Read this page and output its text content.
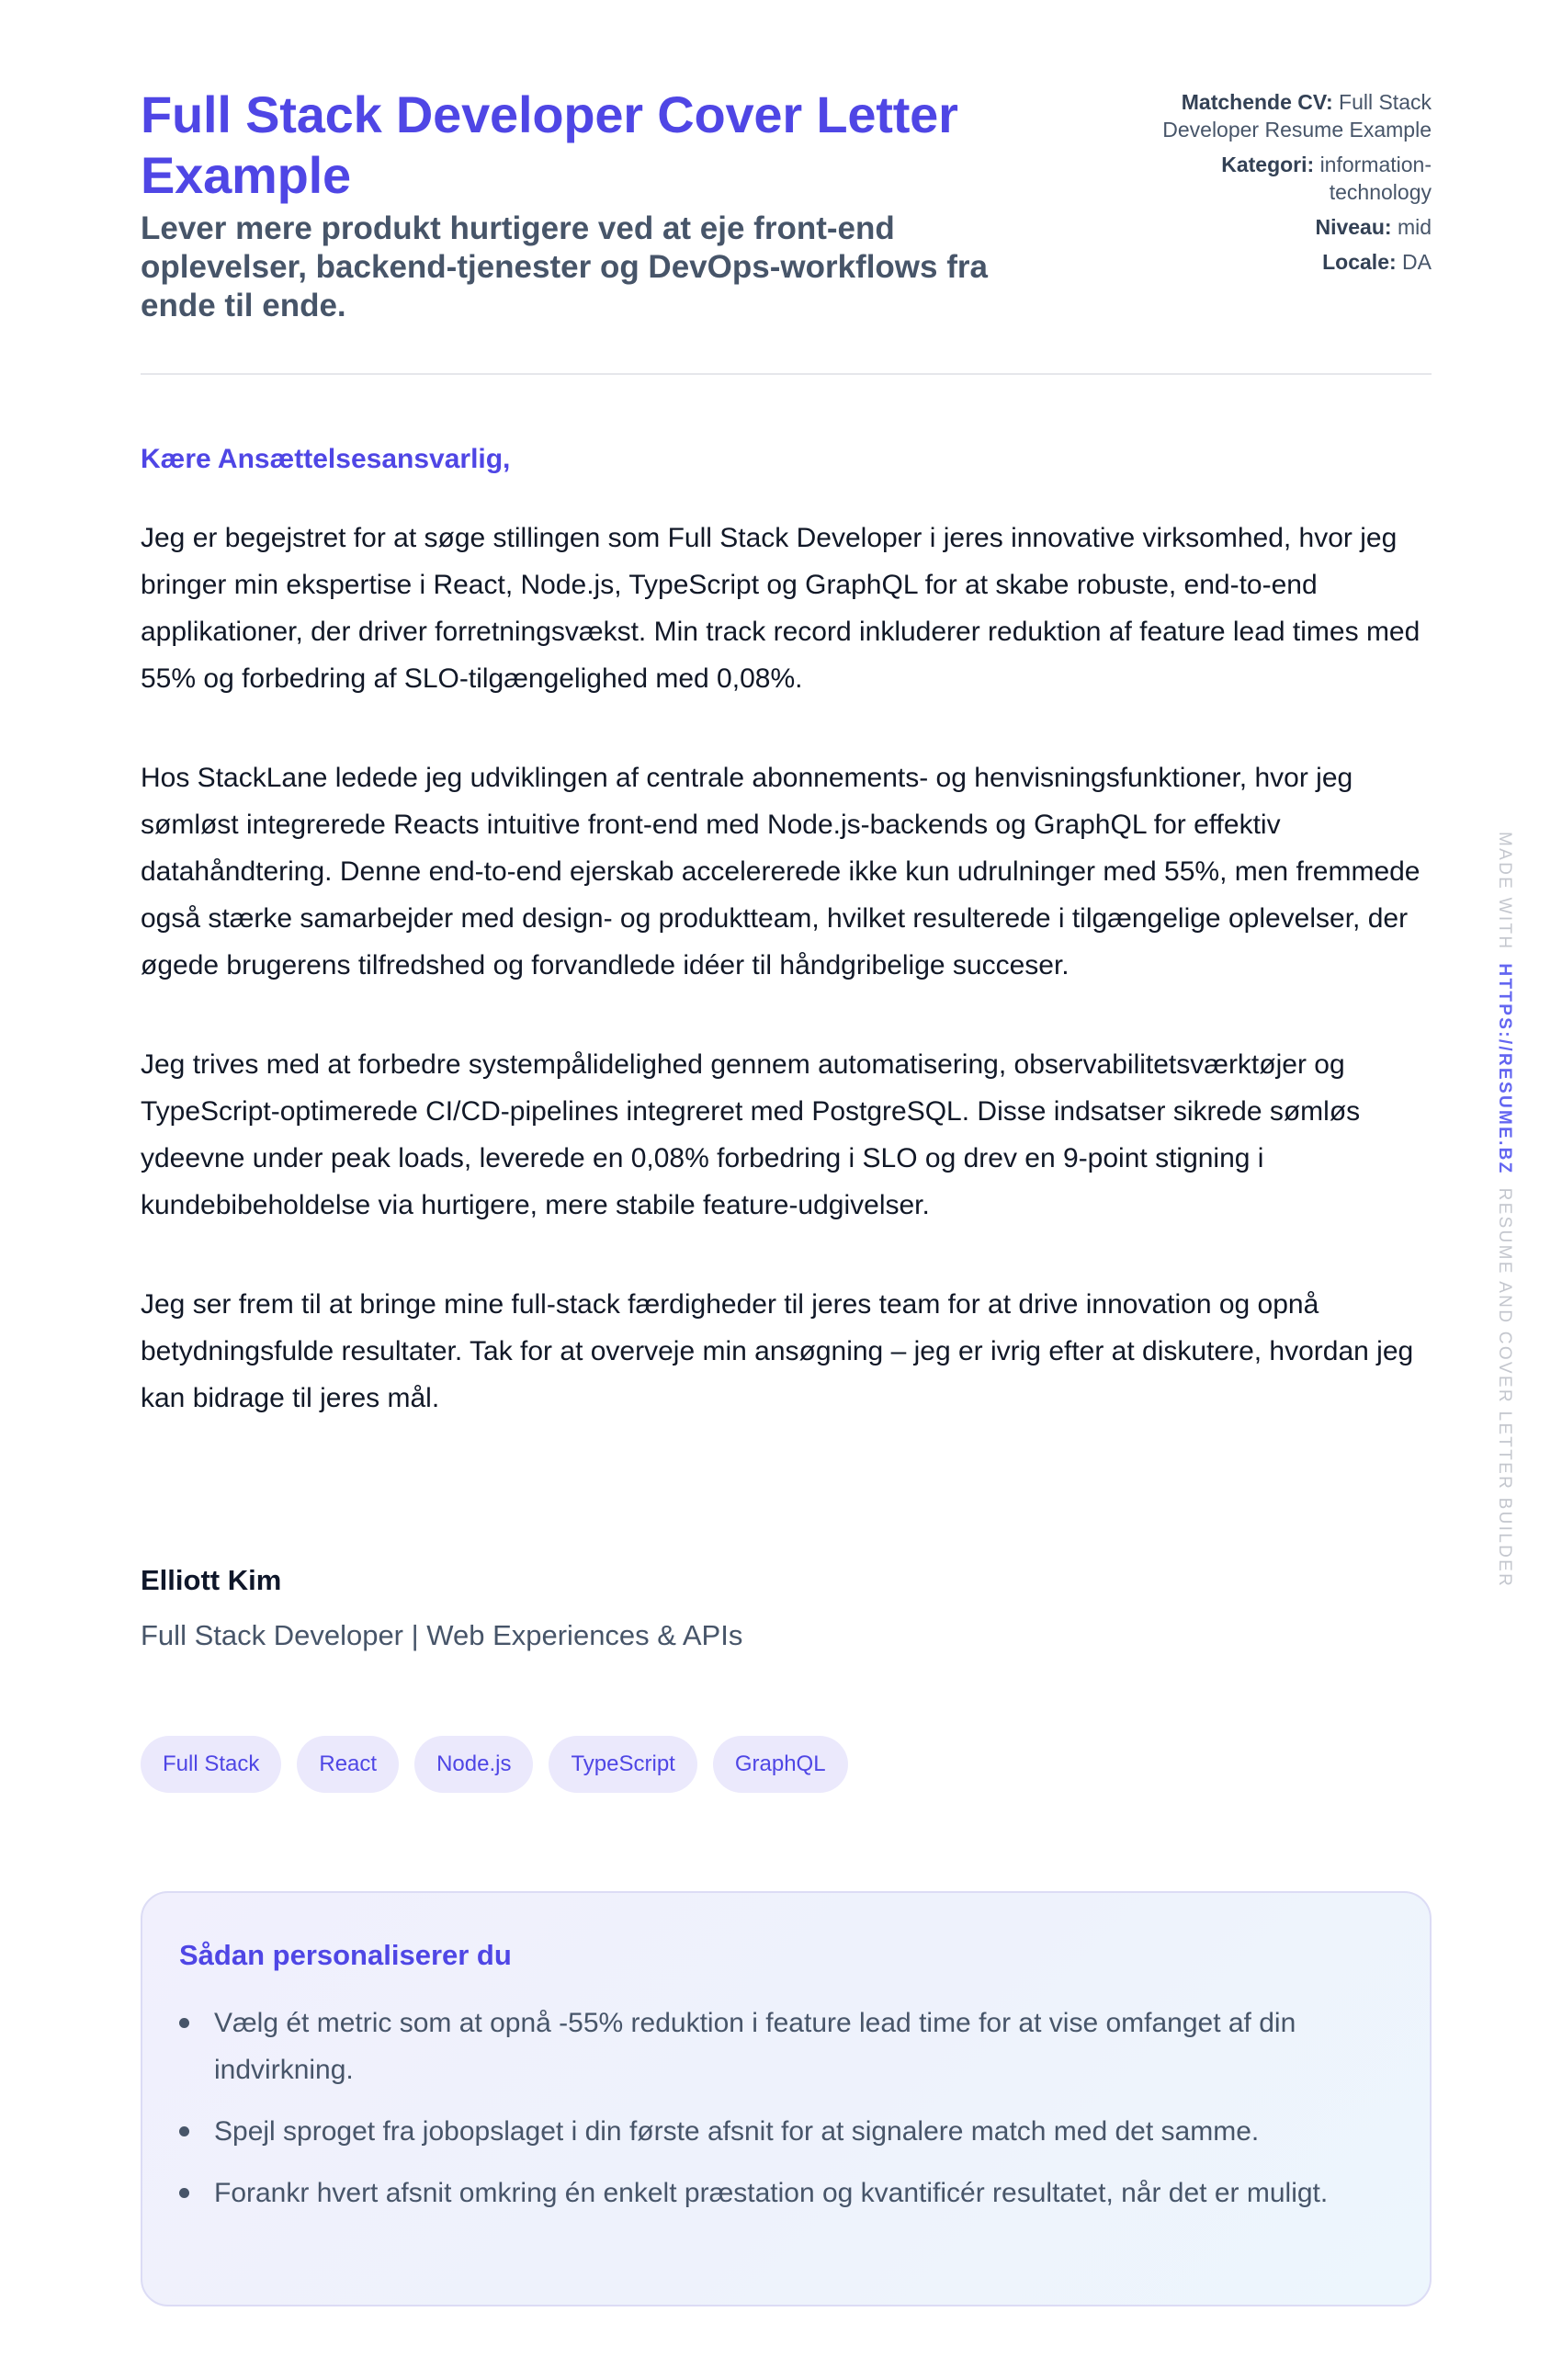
Full Stack Developer Cover Letter Example

Lever mere produkt hurtigere ved at eje front-end oplevelser, backend-tjenester og DevOps-workflows fra ende til ende.

Matchende CV: Full Stack Developer Resume Example
Kategori: information-technology
Niveau: mid
Locale: DA
Kære Ansættelsesansvarlig,

Jeg er begejstret for at søge stillingen som Full Stack Developer i jeres innovative virksomhed, hvor jeg bringer min ekspertise i React, Node.js, TypeScript og GraphQL for at skabe robuste, end-to-end applikationer, der driver forretningsvækst. Min track record inkluderer reduktion af feature lead times med 55% og forbedring af SLO-tilgængelighed med 0,08%.

Hos StackLane ledede jeg udviklingen af centrale abonnements- og henvisningsfunktioner, hvor jeg sømløst integrerede Reacts intuitive front-end med Node.js-backends og GraphQL for effektiv datahåndtering. Denne end-to-end ejerskab accelererede ikke kun udrulninger med 55%, men fremmede også stærke samarbejder med design- og produktteam, hvilket resulterede i tilgængelige oplevelser, der øgede brugerens tilfredshed og forvandlede idéer til håndgribelige succeser.

Jeg trives med at forbedre systempålidelighed gennem automatisering, observabilitetsværktøjer og TypeScript-optimerede CI/CD-pipelines integreret med PostgreSQL. Disse indsatser sikrede sømløs ydeevne under peak loads, leverede en 0,08% forbedring i SLO og drev en 9-point stigning i kundebibeholdelse via hurtigere, mere stabile feature-udgivelser.

Jeg ser frem til at bringe mine full-stack færdigheder til jeres team for at drive innovation og opnå betydningsfulde resultater. Tak for at overveje min ansøgning – jeg er ivrig efter at diskutere, hvordan jeg kan bidrage til jeres mål.

Elliott Kim
Full Stack Developer | Web Experiences & APIs
Full Stack	React	Node.js	TypeScript	GraphQL
Sådan personaliserer du
Vælg ét metric som at opnå -55% reduktion i feature lead time for at vise omfanget af din indvirkning.
Spejl sproget fra jobopslaget i din første afsnit for at signalere match med det samme.
Forankr hvert afsnit omkring én enkelt præstation og kvantificér resultatet, når det er muligt.
MADE WITHHTTPS://RESUME.BZRESUME AND COVER LETTER BUILDER
